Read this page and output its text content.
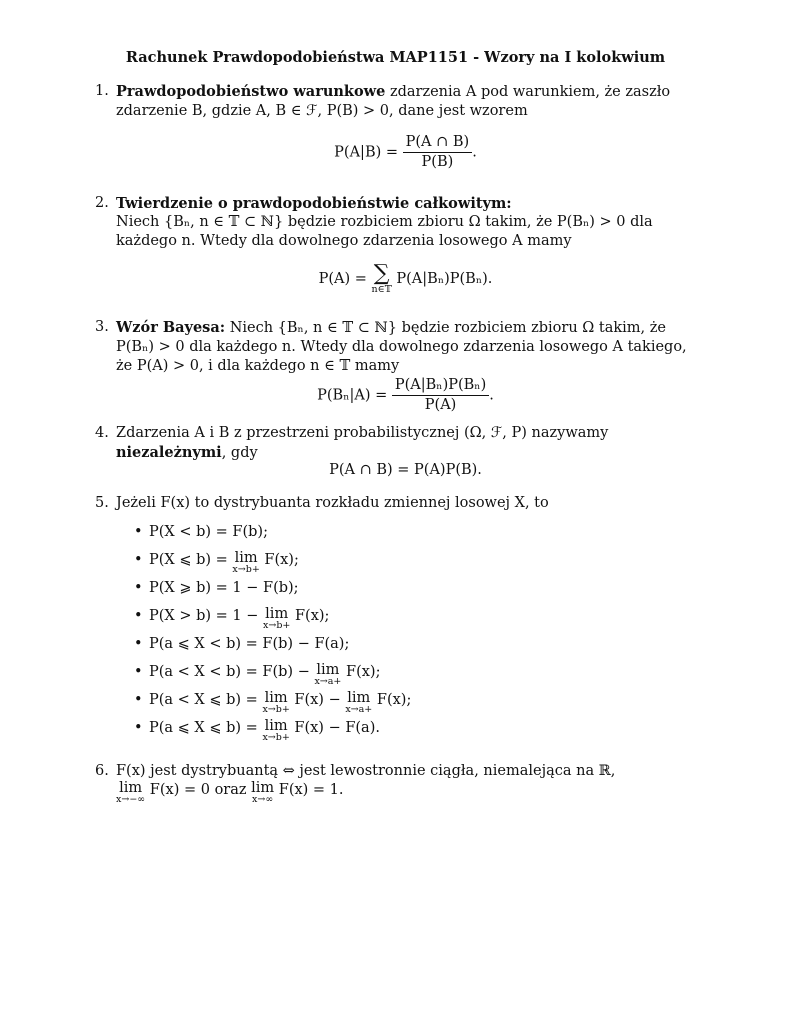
Rachunek Prawdopodobieństwa MAP1151 - Wzory na I kolokwium
1. Prawdopodobieństwo warunkowe zdarzenia A pod warunkiem, że zaszło zdarzenie B, gdzie A, B ∈ ℱ, P(B) > 0, dane jest wzorem
$P(A|B) = \frac{P(A \cap B)}{P(B)}$ .
2. Twierdzenie o prawdopodobieństwie całkowitym:
Niech {Bₙ, n ∈ 𝕋 ⊂ ℕ} będzie rozbiciem zbioru Ω takim, że P(Bₙ) > 0 dla każdego n. Wtedy dla dowolnego zdarzenia losowego A mamy
P(A) = ∑
n∈𝕋
P(A|Bₙ)P(Bₙ).
3. Wzór Bayesa: Niech {Bₙ, n ∈ 𝕋 ⊂ ℕ} będzie rozbiciem zbioru Ω takim, że P(Bₙ) > 0 dla każdego n. Wtedy dla dowolnego zdarzenia losowego A takiego, że P(A) > 0, i dla każdego n ∈ 𝕋 mamy
$P(B_n|A) = \frac{\text{P(A|Bₙ)P(Bₙ)}}{P(A)}$ .
4. Zdarzenia A i B z przestrzeni probabilistycznej (Ω, ℱ, P) nazywamy niezależnymi, gdy
P(A ∩ B) = P(A)P(B).
5. Jeżeli F(x) to dystrybuanta rozkładu zmiennej losowej X, to
• P(X < b) = F(b);
• P(X ⩽ b) = lim
x→b+
F(x);
• P(X ⩾ b) = 1 − F(b);
• P(X > b) = 1 − lim
x→b+
F(x);
• P(a ⩽ X < b) = F(b) − F(a);
• P(a < X < b) = F(b) − lim
x→a+
F(x);
• P(a < X ⩽ b) = lim
x→b+
F(x) − lim
x→a+
F(x);
• P(a ⩽ X ⩽ b) = lim
x→b+
F(x) − F(a).
6. F(x) jest dystrybuantą ⇔ jest lewostronnie ciągła, niemalejąca na ℝ,
lim
x→−∞
F(x) = 0 oraz lim
x→∞
F(x) = 1.
